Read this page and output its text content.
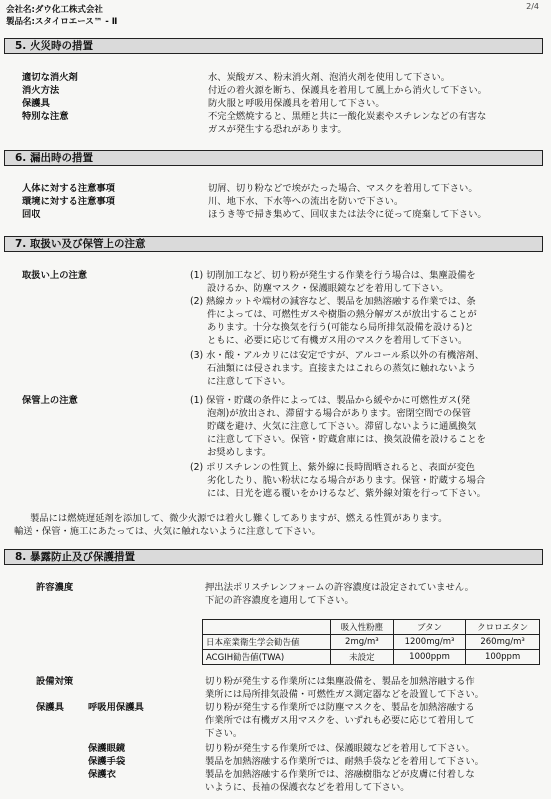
2/4
会社名:ダウ化工株式会社
製品名:スタイロエース™ - Ⅱ
5. 火災時の措置
適切な消火剤	水、炭酸ガス、粉末消火剤、泡消火剤を使用して下さい。
消火方法	付近の着火源を断ち、保護具を着用して風上から消火して下さい。
保護具	防火服と呼吸用保護具を着用して下さい。
特別な注意	不完全燃焼すると、黒煙と共に一酸化炭素やスチレンなどの有害な
ガスが発生する恐れがあります。
6. 漏出時の措置
人体に対する注意事項	切屑、切り粉などで埃がたった場合、マスクを着用して下さい。
環境に対する注意事項	川、地下水、下水等への流出を防いで下さい。
回収	ほうき等で掃き集めて、回収または法令に従って廃棄して下さい。
7. 取扱い及び保管上の注意
取扱い上の注意	(1) 切削加工など、切り粉が発生する作業を行う場合は、集塵設備を
設けるか、防塵マスク・保護眼鏡などを着用して下さい。
(2) 熱線カットや端材の減容など、製品を加熱溶融する作業では、条
件によっては、可燃性ガスや樹脂の熱分解ガスが放出することが
あります。十分な換気を行う(可能なら局所排気設備を設ける)と
ともに、必要に応じて有機ガス用のマスクを着用して下さい。
(3) 水・酸・アルカリには安定ですが、アルコール系以外の有機溶剤、
石油類には侵されます。直接またはこれらの蒸気に触れないよう
に注意して下さい。
保管上の注意	(1) 保管・貯蔵の条件によっては、製品から緩やかに可燃性ガス(発
泡剤)が放出され、滞留する場合があります。密閉空間での保管
貯蔵を避け、火気に注意して下さい。滞留しないように通風換気
に注意して下さい。保管・貯蔵倉庫には、換気設備を設けることを
お奨めします。
(2) ポリスチレンの性質上、紫外線に長時間晒されると、表面が変色
劣化したり、脆い粉状になる場合があります。保管・貯蔵する場合
には、日光を遮る覆いをかけるなど、紫外線対策を行って下さい。
製品には燃焼遅延剤を添加して、微少火源では着火し難くしてありますが、燃える性質があります。
輸送・保管・施工にあたっては、火気に触れないように注意して下さい。
8. 暴露防止及び保護措置
許容濃度	押出法ポリスチレンフォームの許容濃度は設定されていません。
下記の許容濃度を適用して下さい。
	吸入性粉塵	ブタン	クロロエタン
日本産業衛生学会勧告値	2mg/m³	1200mg/m³	260mg/m³
ACGIH勧告値(TWA)	未設定	1000ppm	100ppm
設備対策	切り粉が発生する作業所には集塵設備を、製品を加熱溶融する作
業所には局所排気設備・可燃性ガス測定器などを設置して下さい。
保護具	呼吸用保護具	切り粉が発生する作業所では防塵マスクを、製品を加熱溶融する
作業所では有機ガス用マスクを、いずれも必要に応じて着用して
下さい。
保護眼鏡	切り粉が発生する作業所では、保護眼鏡などを着用して下さい。
保護手袋	製品を加熱溶融する作業所では、耐熱手袋などを着用して下さい。
保護衣	製品を加熱溶融する作業所では、溶融樹脂などが皮膚に付着しな
いように、長袖の保護衣などを着用して下さい。
